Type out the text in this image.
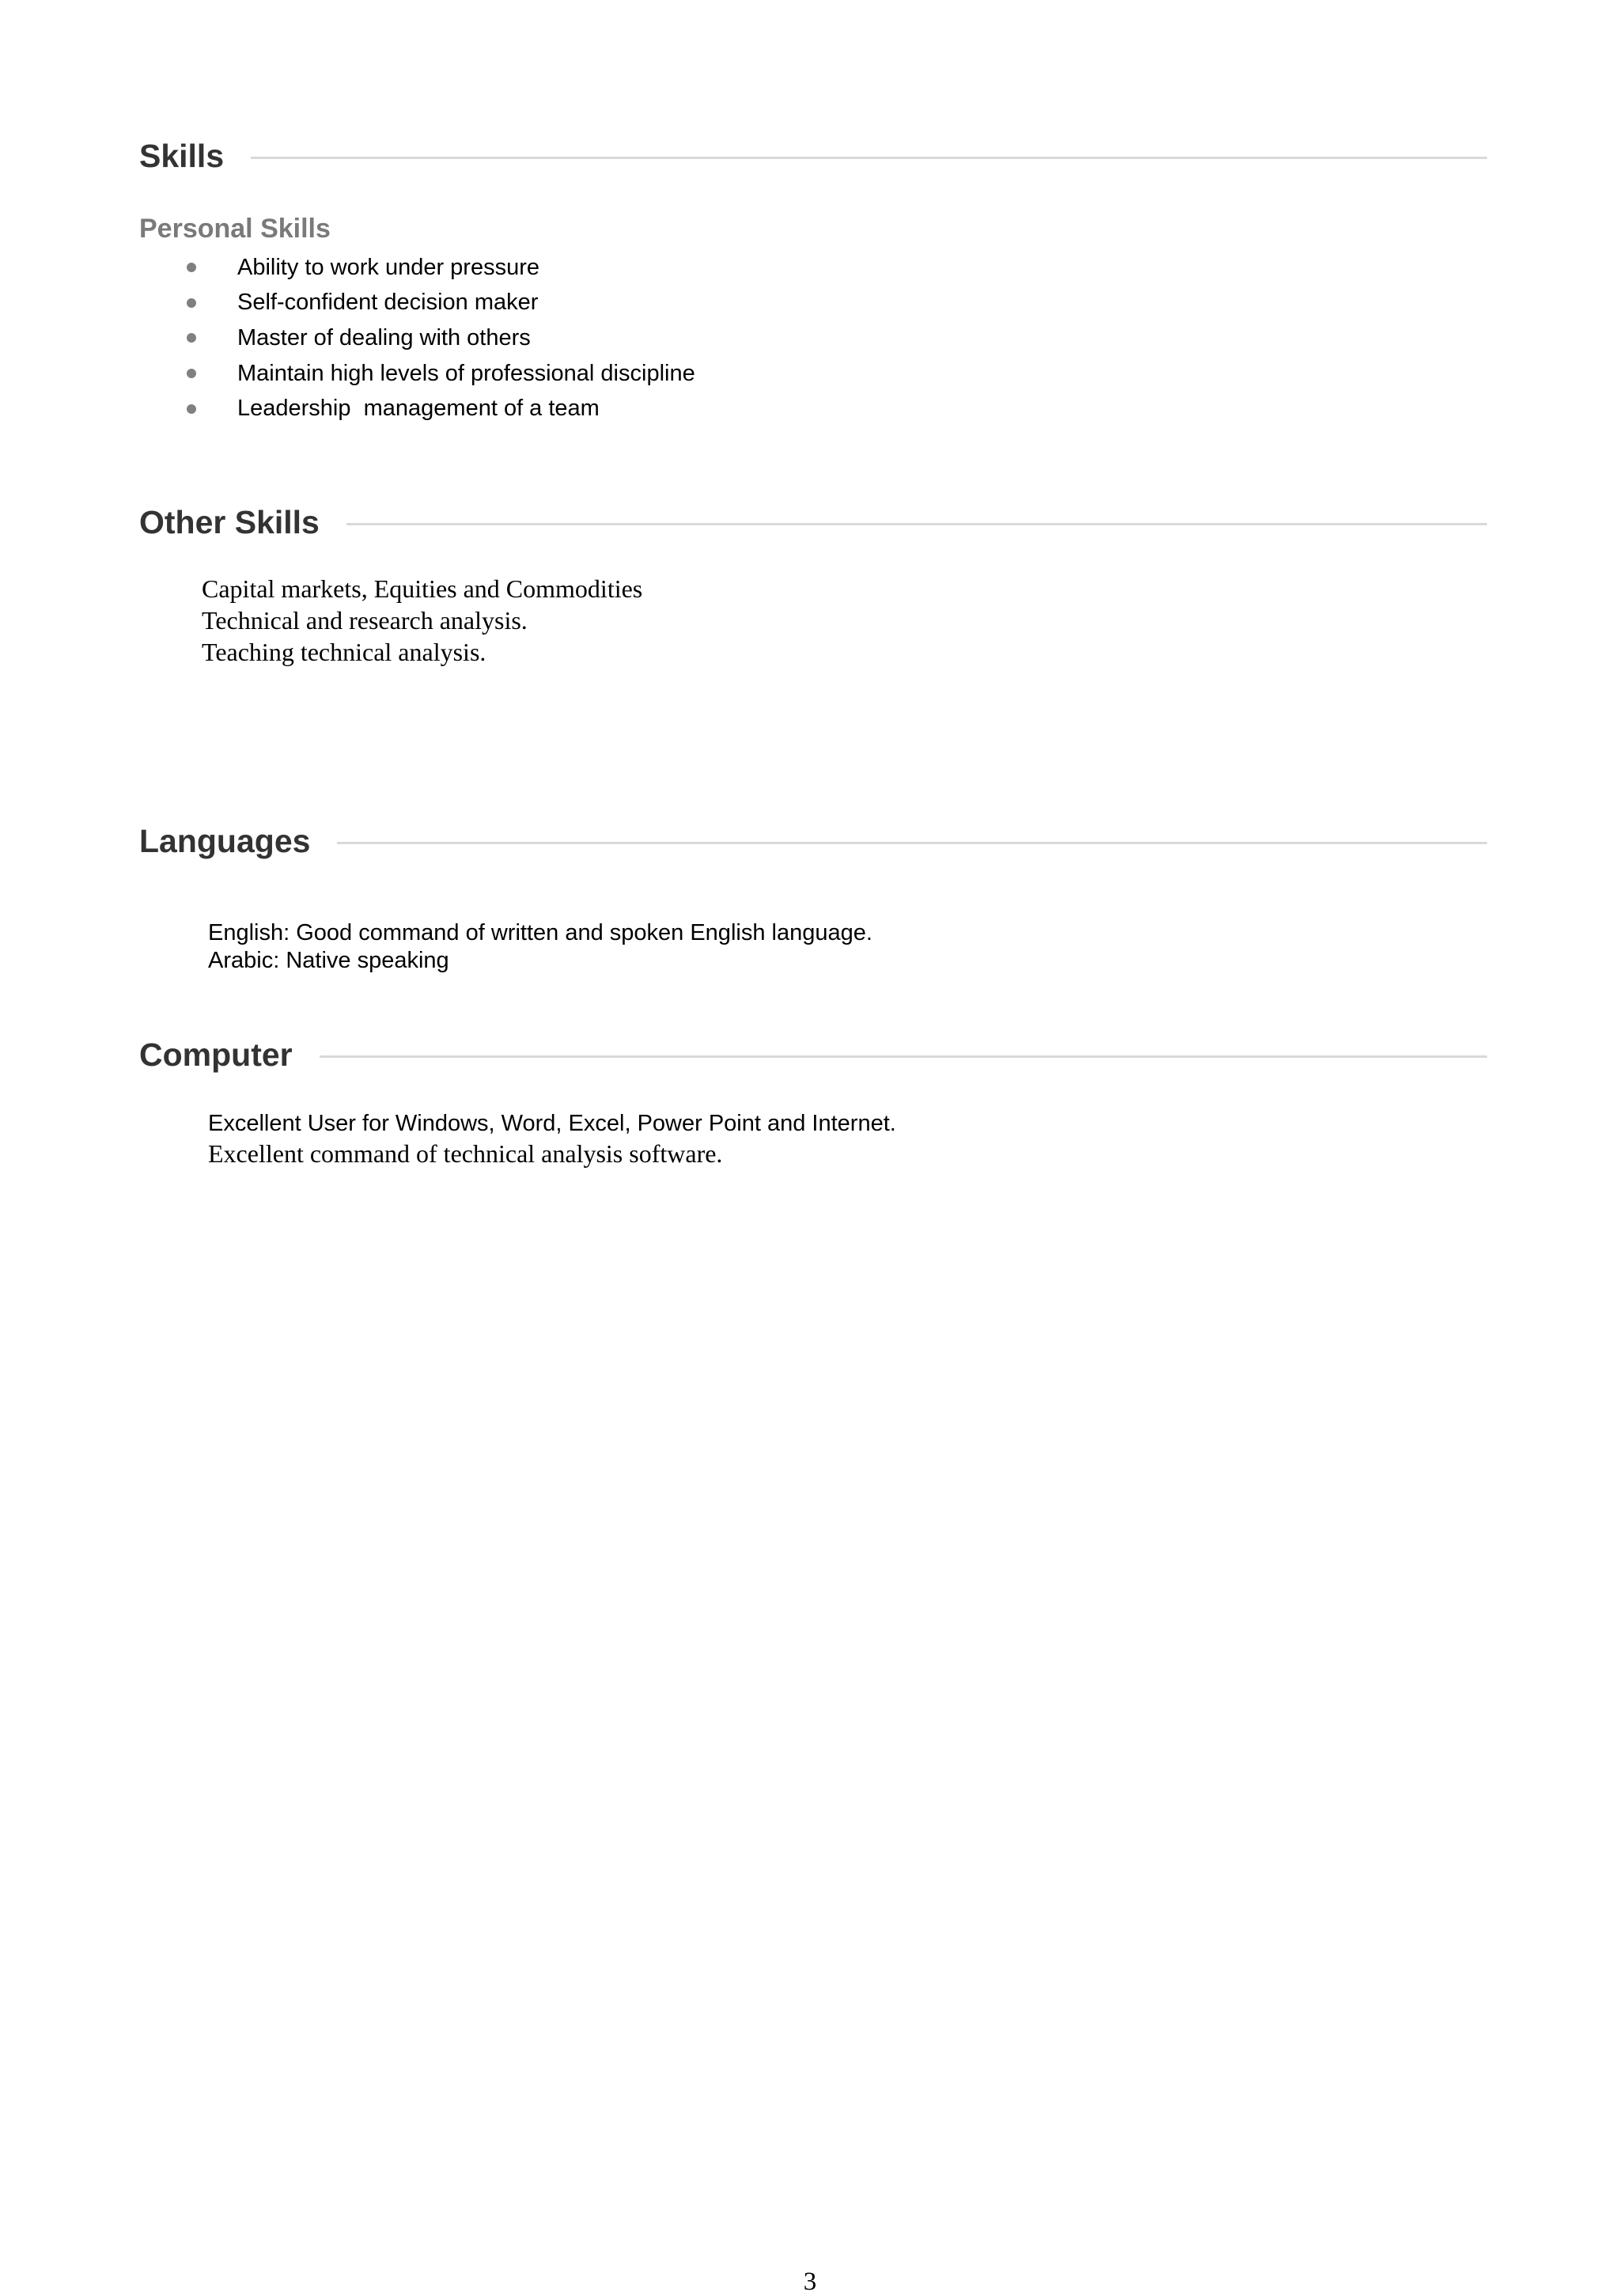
Skills
Personal Skills
Ability to work under pressure
Self-confident decision maker
Master of dealing with others
Maintain high levels of professional discipline
Leadership  management of a team
Other Skills
Capital markets, Equities and Commodities
Technical and research analysis.
Teaching technical analysis.
Languages
English: Good command of written and spoken English language.
Arabic: Native speaking
Computer
Excellent User for Windows, Word, Excel, Power Point and Internet.
Excellent command of technical analysis software.
3
